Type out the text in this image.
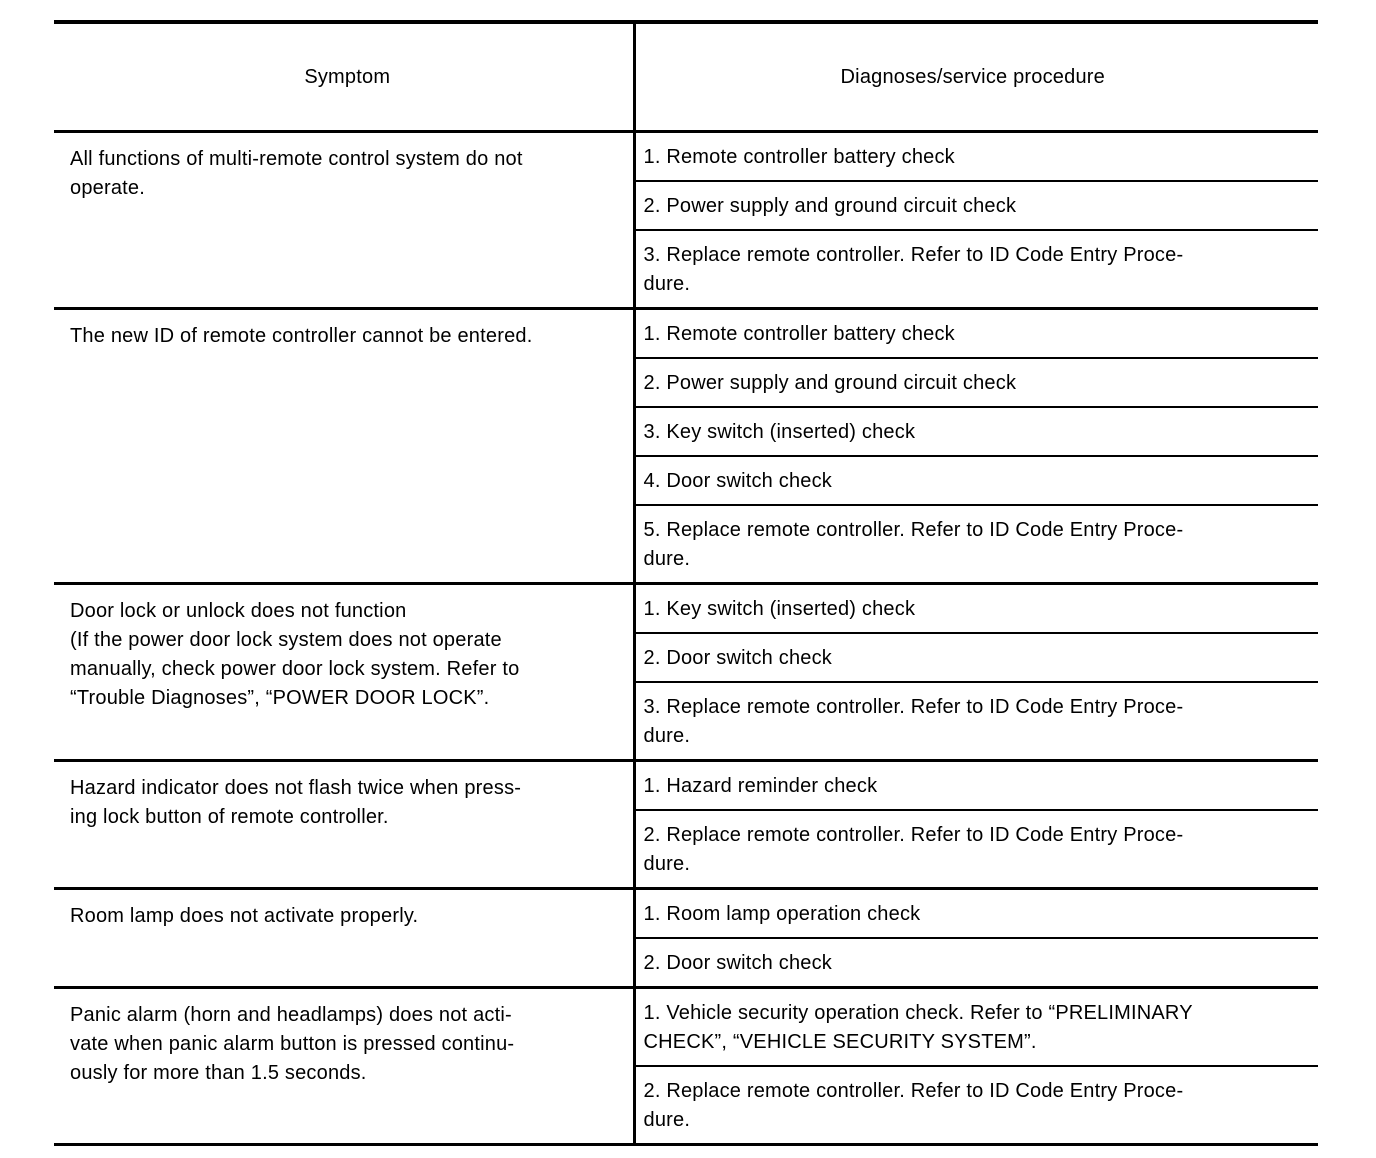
Symptom	Diagnoses/service procedure
All functions of multi-remote control system do not
operate.	1. Remote controller battery check
	2. Power supply and ground circuit check
	3. Replace remote controller. Refer to ID Code Entry Proce-
dure.
The new ID of remote controller cannot be entered.	1. Remote controller battery check
	2. Power supply and ground circuit check
	3. Key switch (inserted) check
	4. Door switch check
	5. Replace remote controller. Refer to ID Code Entry Proce-
dure.
Door lock or unlock does not function
(If the power door lock system does not operate
manually, check power door lock system. Refer to
“Trouble Diagnoses”, “POWER DOOR LOCK”.	1. Key switch (inserted) check
	2. Door switch check
	3. Replace remote controller. Refer to ID Code Entry Proce-
dure.
Hazard indicator does not flash twice when press-
ing lock button of remote controller.	1. Hazard reminder check
	2. Replace remote controller. Refer to ID Code Entry Proce-
dure.
Room lamp does not activate properly.	1. Room lamp operation check
	2. Door switch check
Panic alarm (horn and headlamps) does not acti-
vate when panic alarm button is pressed continu-
ously for more than 1.5 seconds.	1. Vehicle security operation check. Refer to “PRELIMINARY
CHECK”, “VEHICLE SECURITY SYSTEM”.
	2. Replace remote controller. Refer to ID Code Entry Proce-
dure.
